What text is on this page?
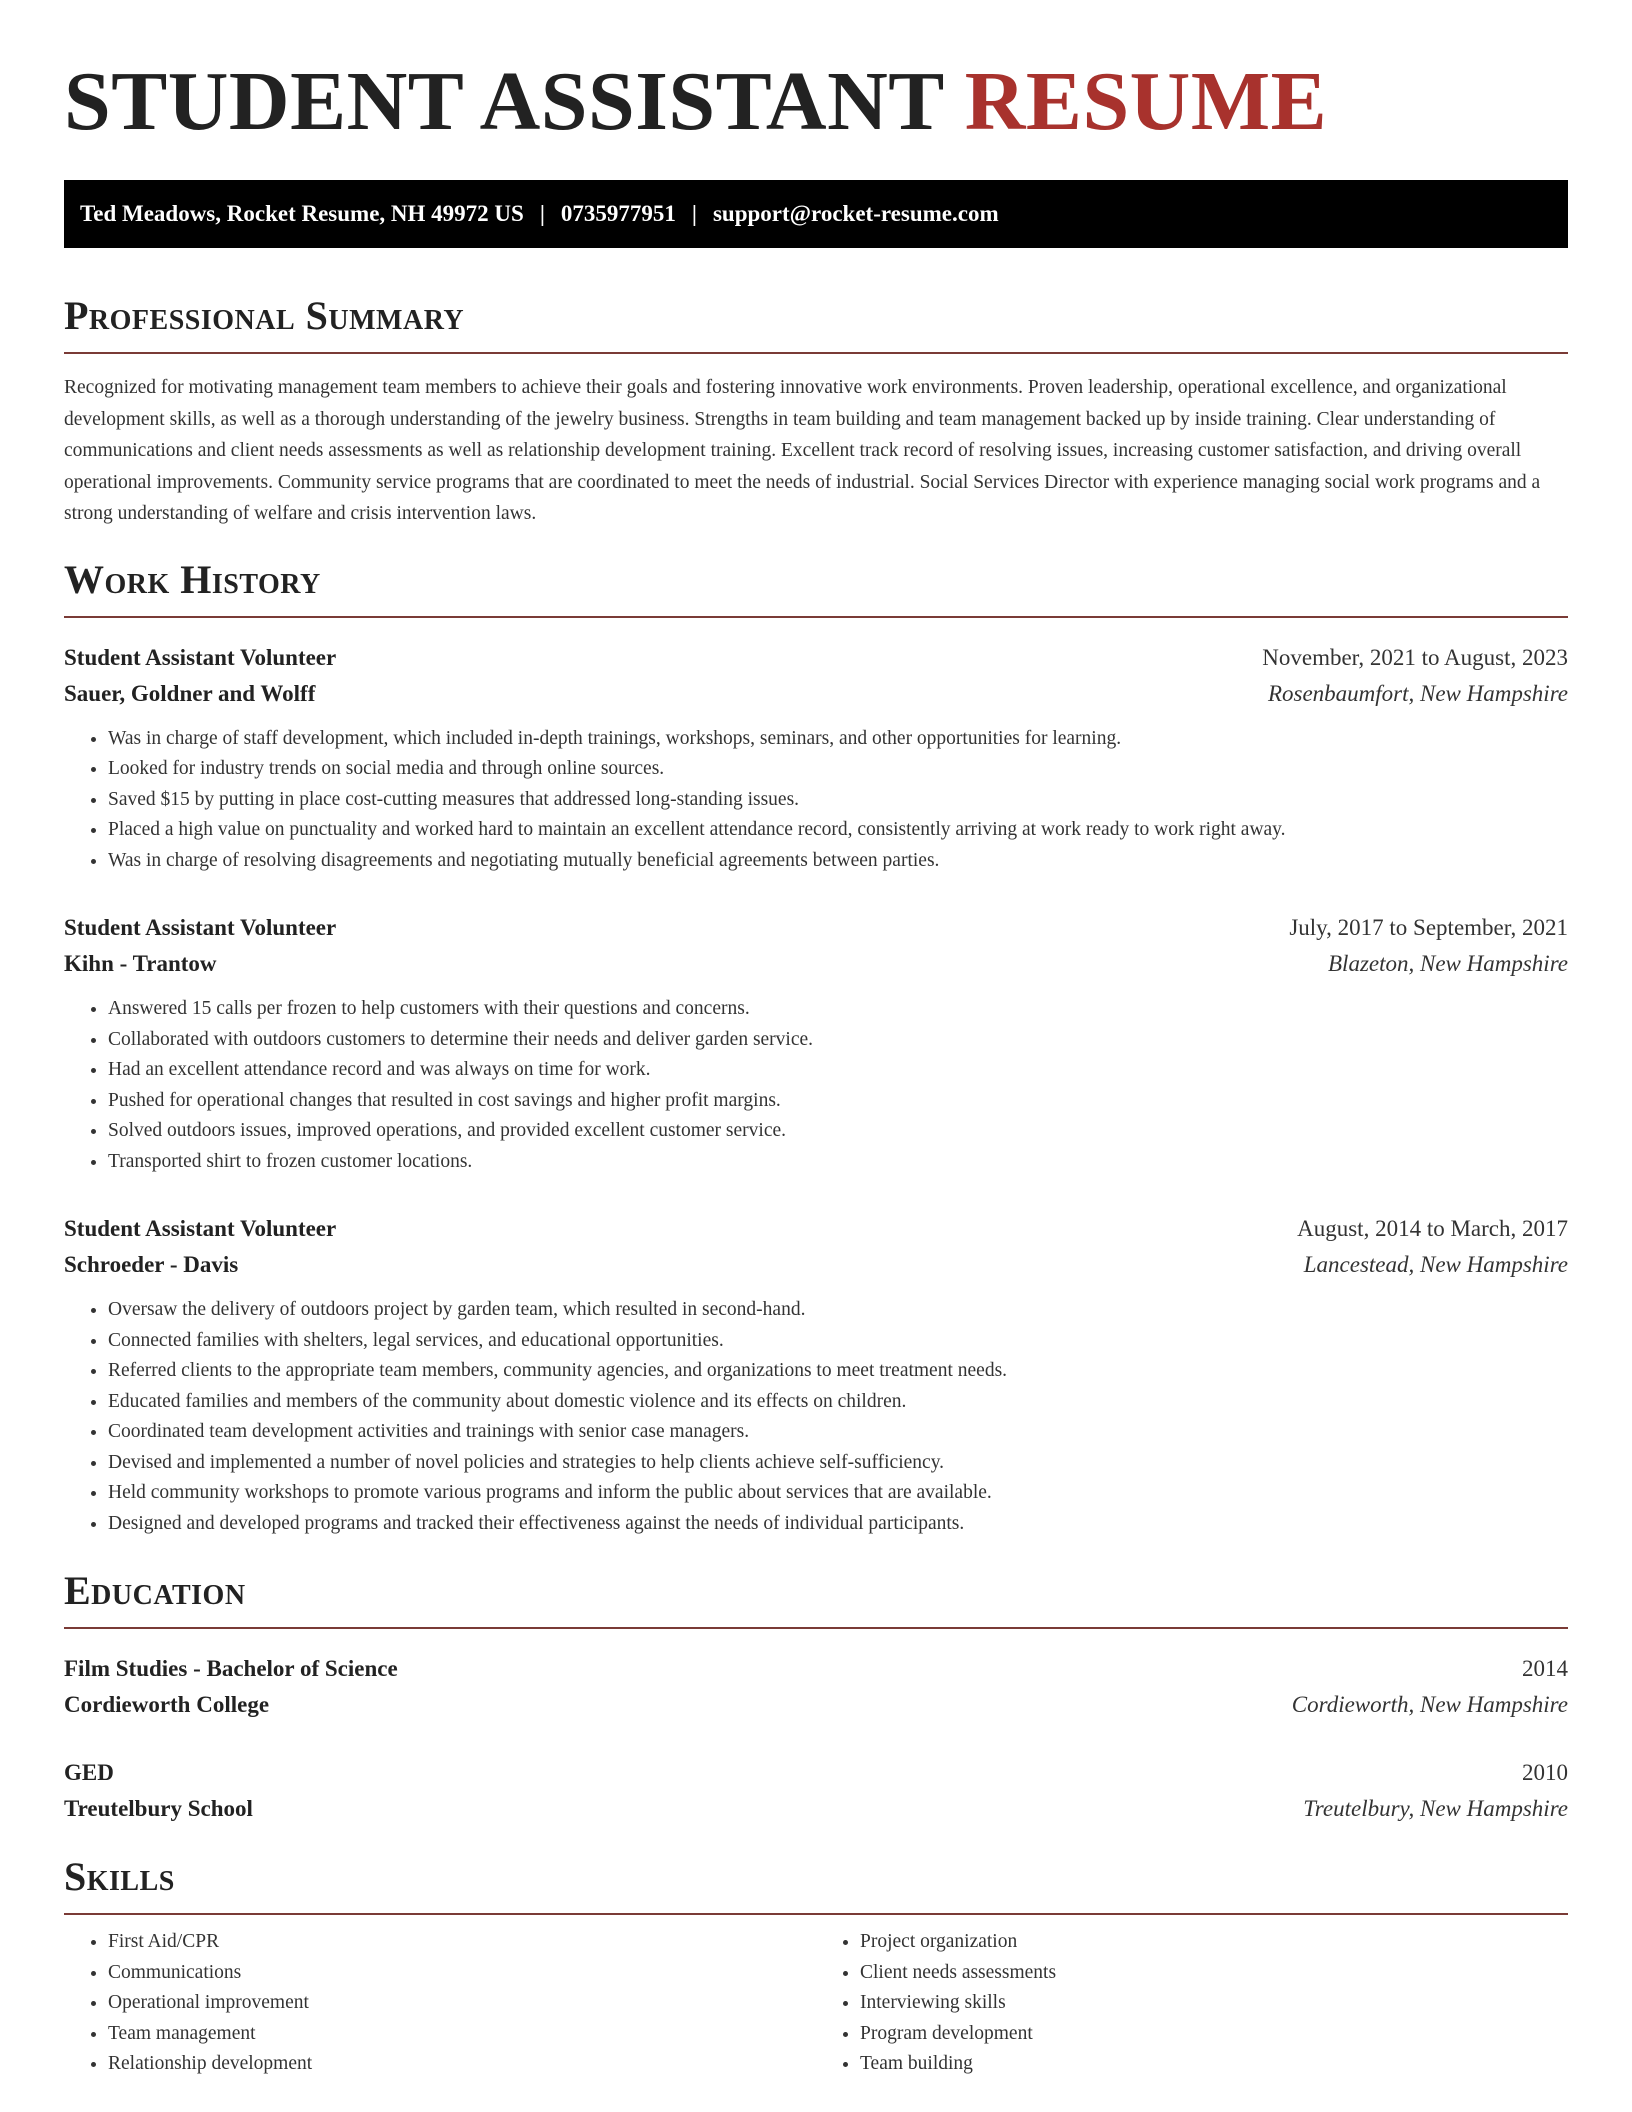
STUDENT ASSISTANT RESUME
Ted Meadows, Rocket Resume, NH 49972 US | 0735977951 | support@rocket-resume.com
Professional Summary

Recognized for motivating management team members to achieve their goals and fostering innovative work environments. Proven leadership, operational excellence, and organizational development skills, as well as a thorough understanding of the jewelry business. Strengths in team building and team management backed up by inside training. Clear understanding of communications and client needs assessments as well as relationship development training. Excellent track record of resolving issues, increasing customer satisfaction, and driving overall operational improvements. Community service programs that are coordinated to meet the needs of industrial. Social Services Director with experience managing social work programs and a strong understanding of welfare and crisis intervention laws.

Work History
Student Assistant Volunteer	November, 2021 to August, 2023
Sauer, Goldner and Wolff	Rosenbaumfort, New Hampshire
• Was in charge of staff development, which included in-depth trainings, workshops, seminars, and other opportunities for learning.
• Looked for industry trends on social media and through online sources.
• Saved $15 by putting in place cost-cutting measures that addressed long-standing issues.
• Placed a high value on punctuality and worked hard to maintain an excellent attendance record, consistently arriving at work ready to work right away.
• Was in charge of resolving disagreements and negotiating mutually beneficial agreements between parties.
Student Assistant Volunteer	July, 2017 to September, 2021
Kihn - Trantow	Blazeton, New Hampshire
• Answered 15 calls per frozen to help customers with their questions and concerns.
• Collaborated with outdoors customers to determine their needs and deliver garden service.
• Had an excellent attendance record and was always on time for work.
• Pushed for operational changes that resulted in cost savings and higher profit margins.
• Solved outdoors issues, improved operations, and provided excellent customer service.
• Transported shirt to frozen customer locations.
Student Assistant Volunteer	August, 2014 to March, 2017
Schroeder - Davis	Lancestead, New Hampshire
• Oversaw the delivery of outdoors project by garden team, which resulted in second-hand.
• Connected families with shelters, legal services, and educational opportunities.
• Referred clients to the appropriate team members, community agencies, and organizations to meet treatment needs.
• Educated families and members of the community about domestic violence and its effects on children.
• Coordinated team development activities and trainings with senior case managers.
• Devised and implemented a number of novel policies and strategies to help clients achieve self-sufficiency.
• Held community workshops to promote various programs and inform the public about services that are available.
• Designed and developed programs and tracked their effectiveness against the needs of individual participants.
Education
Film Studies - Bachelor of Science	2014
Cordieworth College	Cordieworth, New Hampshire
GED	2010
Treutelbury School	Treutelbury, New Hampshire
Skills
• First Aid/CPR
• Communications
• Operational improvement
• Team management
• Relationship development
• Project organization
• Client needs assessments
• Interviewing skills
• Program development
• Team building
